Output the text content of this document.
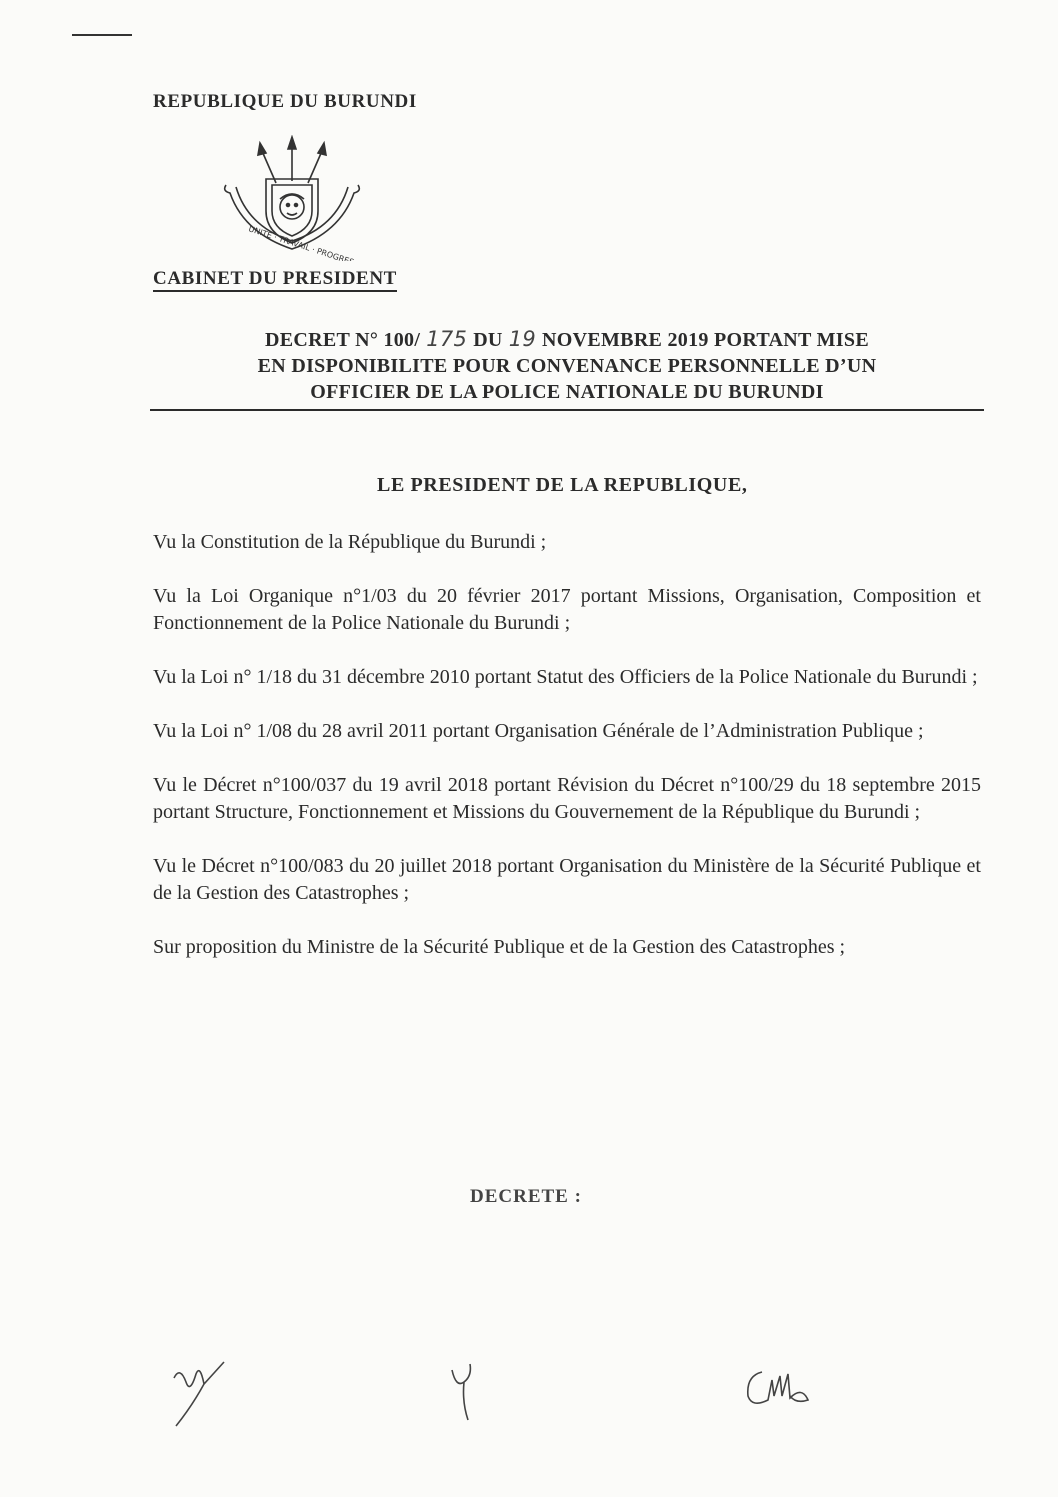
REPUBLIQUE DU BURUNDI
UNITE · TRAVAIL · PROGRES
CABINET DU PRESIDENT
DECRET N° 100/ 175 DU 19 NOVEMBRE 2019 PORTANT MISE
EN DISPONIBILITE POUR CONVENANCE PERSONNELLE D’UN
OFFICIER DE LA POLICE NATIONALE DU BURUNDI
LE PRESIDENT DE LA REPUBLIQUE,

Vu la Constitution de la République du Burundi ;

Vu la Loi Organique n°1/03 du 20 février 2017 portant Missions, Organisation, Composition et Fonctionnement de la Police Nationale du Burundi ;

Vu la Loi n° 1/18 du 31 décembre 2010 portant Statut des Officiers de la Police Nationale du Burundi ;

Vu la Loi n° 1/08 du 28 avril 2011 portant Organisation Générale de l’Administration Publique ;

Vu le Décret n°100/037 du 19 avril 2018 portant Révision du Décret n°100/29 du 18 septembre 2015 portant Structure, Fonctionnement et Missions du Gouvernement de la République du Burundi ;

Vu le Décret n°100/083 du 20 juillet 2018 portant Organisation du Ministère de la Sécurité Publique et de la Gestion des Catastrophes ;

Sur proposition du Ministre de la Sécurité Publique et de la Gestion des Catastrophes ;

DECRETE :
